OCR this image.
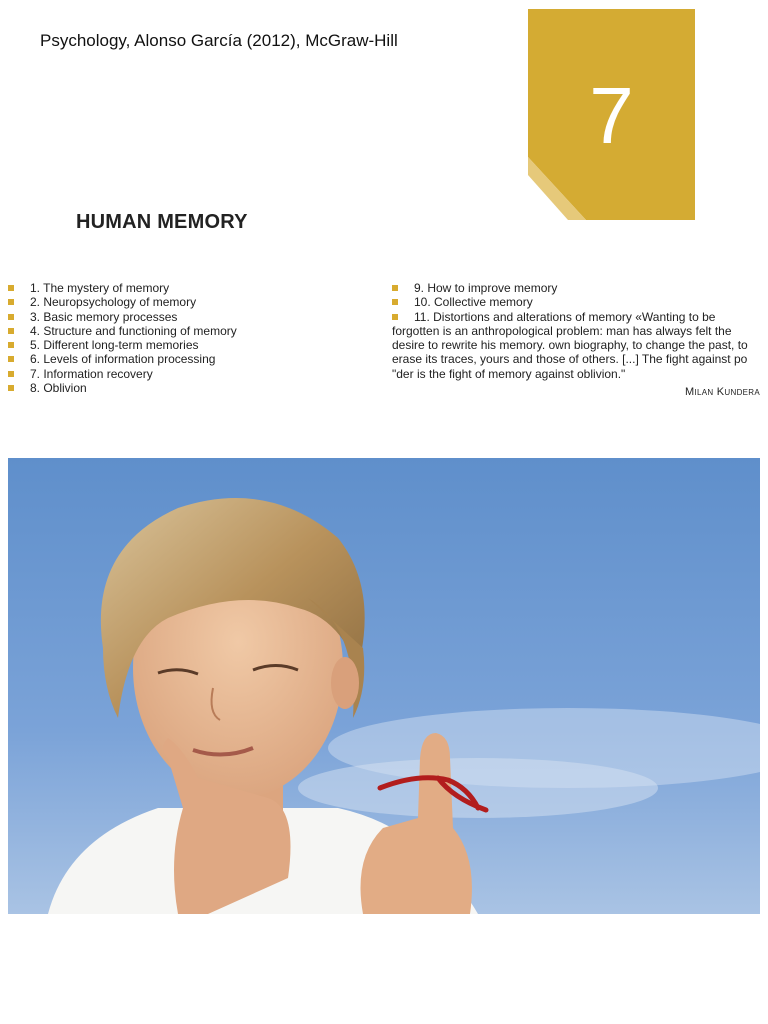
Psychology, Alonso García (2012), McGraw-Hill
7
HUMAN MEMORY
1. The mystery of memory
2. Neuropsychology of memory
3. Basic memory processes
4. Structure and functioning of memory
5. Different long-term memories
6. Levels of information processing
7. Information recovery
8. Oblivion
9. How to improve memory
10. Collective memory
11. Distortions and alterations of memory «Wanting to be
forgotten is an anthropological problem: man has always felt the desire to rewrite his memory. own biography, to change the past, to erase its traces, yours and those of others. [...] The fight against po "der is the fight of memory against oblivion."
Milan Kundera
